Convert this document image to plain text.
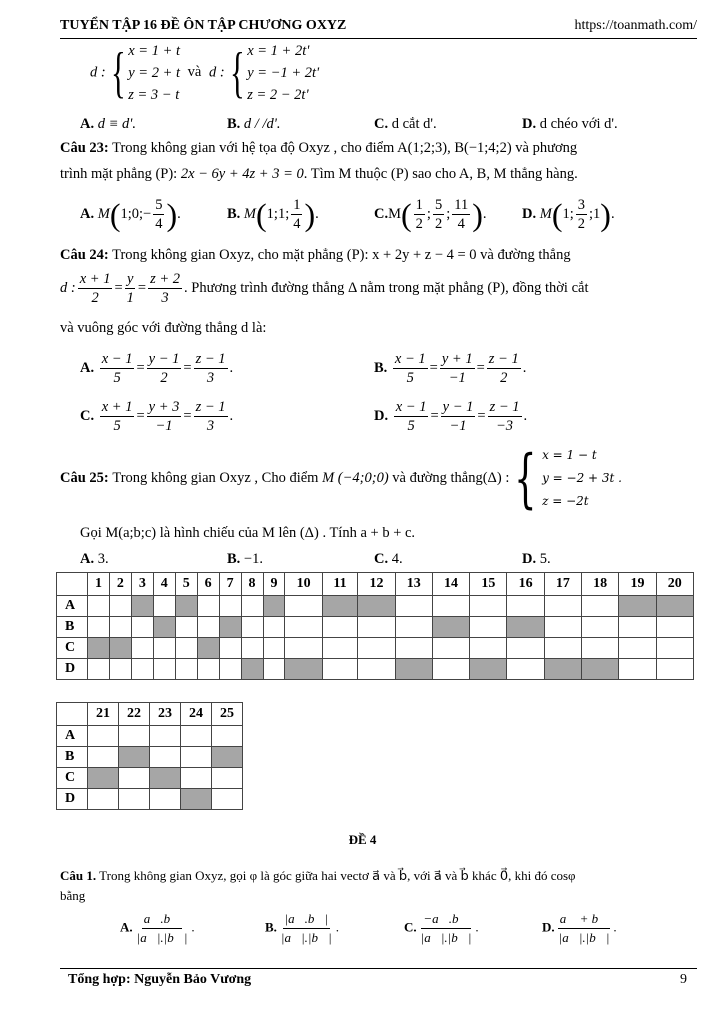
TUYỂN TẬP 16 ĐỀ ÔN TẬP CHƯƠNG OXYZ	https://toanmath.com/
d : { x = 1 + t
y = 2 + t
z = 3 − t
và d : { x = 1 + 2t'
y = −1 + 2t'
z = 2 − 2t'
A. d ≡ d'.	B. d / /d'.	C. d cắt d'.	D. d chéo với d'.
Câu 23: Trong không gian với hệ tọa độ Oxyz , cho điểm A(1;2;3), B(−1;4;2) và phương
trình mặt phẳng (P): 2x − 6y + 4z + 3 = 0. Tìm M thuộc (P) sao cho A, B, M thẳng hàng.
A. M(1;0;− $\frac{5}{4}$ ).	B. M(1;1; $\frac{1}{4}$ ).	$C.M( \frac{1}{2}$ ; $\frac{5}{2}$ ; $\frac{11}{4}$ ). D. M(1; $\frac{3}{2}$ ;1).
Câu 24: Trong không gian Oxyz, cho mặt phẳng (P): x + 2y + z − 4 = 0 và đường thẳng
d : $\frac{x + 1}{2} = \frac{y}{1} = \frac{z + 2}{3}$ . Phương trình đường thẳng Δ nằm trong mặt phẳng (P), đồng thời cắt
và vuông góc với đường thẳng d là:
A. $\frac{x - 1}{5} = \frac{y - 1}{2} = \frac{z - 1}{3}$ .	B. $\frac{x - 1}{5} = \frac{y + 1}{-1} = \frac{z - 1}{2}$ .
C. $\frac{x + 1}{5} = \frac{y + 3}{-1} = \frac{z - 1}{3}$ .	D. $\frac{x - 1}{5} = \frac{y - 1}{-1} = \frac{z - 1}{-3}$ .
Câu 25:
Trong không gian Oxyz , Cho điểm
M (−4;0;0)
và đường thẳng(Δ) : { x = 1 − t
y = −2 + 3t .
z = −2t
Gọi M(a;b;c) là hình chiếu của M lên (Δ) . Tính a + b + c.
A. 3.	B. −1.	C. 4.	D. 5.
	1	2	3	4	5	6	7	8	9	10	11	12	13	14	15	16	17	18	19	20
A																				
B																				
C																				
D																				
	21	22	23	24	25
A					
B					
C					
D					
ĐỀ 4
Câu 1. Trong không gian Oxyz, gọi φ là góc giữa hai vectơ a⃗ và b⃗, với a⃗ và b⃗ khác 0⃗, khi đó cosφ
bằng
A. $\frac{a⃗.b⃗}{|a⃗|.|b⃗|}$ .	B. $\frac{|a⃗.b⃗|}{|a⃗|.|b⃗|}$ .	C. $\frac{-a⃗.b⃗}{|a⃗|.|b⃗|}$ .	D. $\frac{a⃗ + b⃗}{|a⃗|.|b⃗|}$ .
Tổng hợp: Nguyễn Bảo Vương	9
